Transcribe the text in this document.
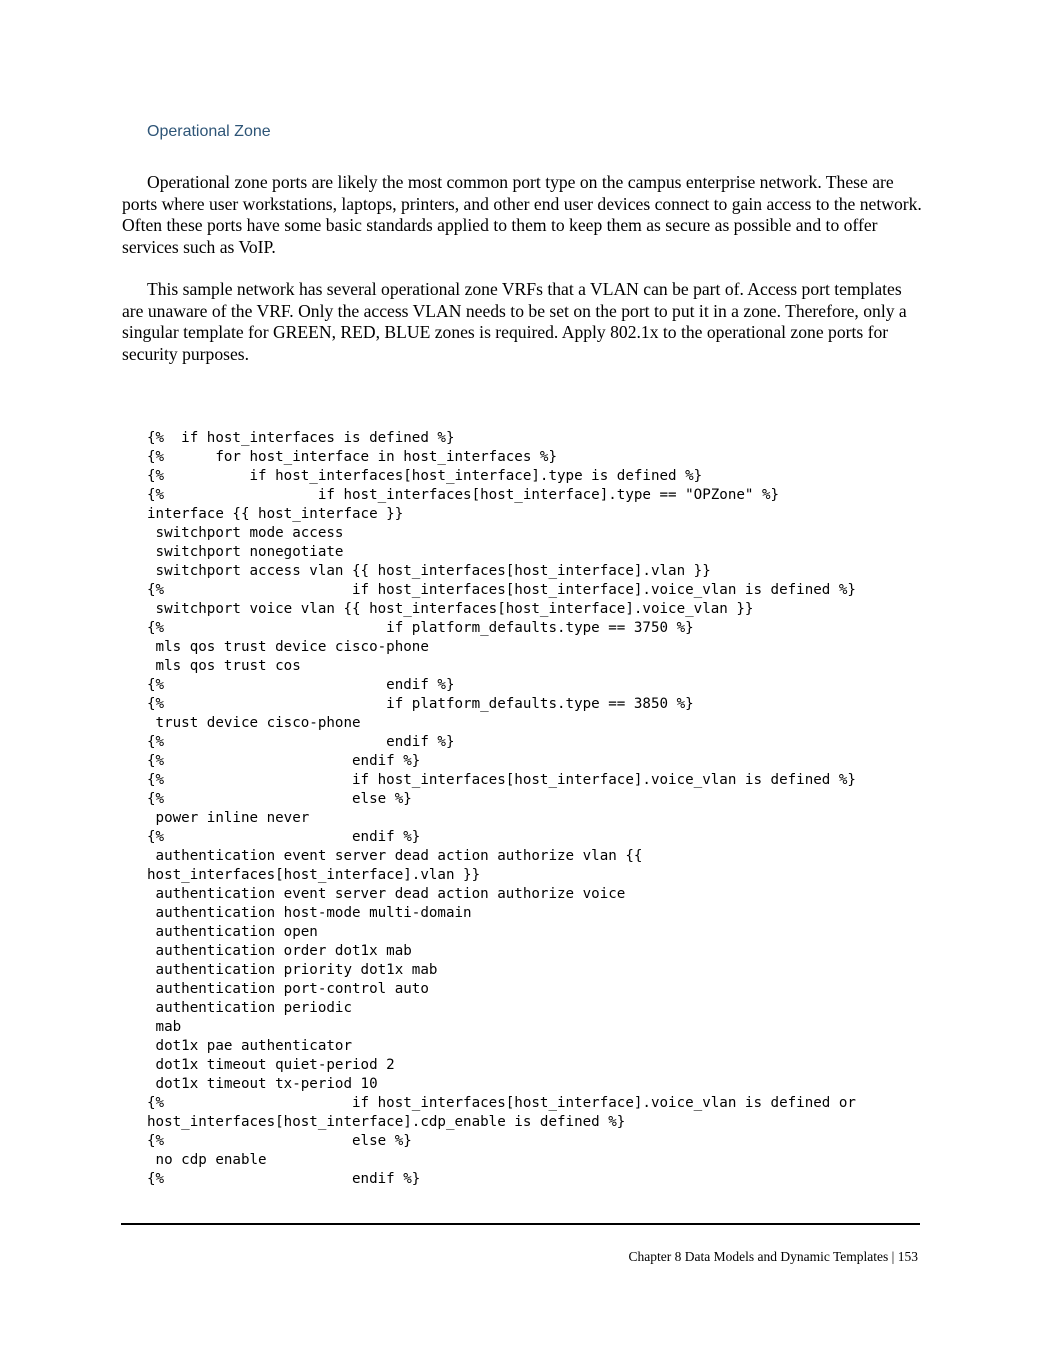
Operational Zone

Operational zone ports are likely the most common port type on the campus enterprise network. These are ports where user workstations, laptops, printers, and other end user devices connect to gain access to the network. Often these ports have some basic standards applied to them to keep them as secure as possible and to offer services such as VoIP.

This sample network has several operational zone VRFs that a VLAN can be part of. Access port templates are unaware of the VRF. Only the access VLAN needs to be set on the port to put it in a zone. Therefore, only a singular template for GREEN, RED, BLUE zones is required. Apply 802.1x to the operational zone ports for security purposes.

{%  if host_interfaces is defined %}
{%      for host_interface in host_interfaces %}
{%          if host_interfaces[host_interface].type is defined %}
{%                  if host_interfaces[host_interface].type == "OPZone" %}
interface {{ host_interface }}
switchport mode access
switchport nonegotiate
switchport access vlan {{ host_interfaces[host_interface].vlan }}
{%                      if host_interfaces[host_interface].voice_vlan is defined %}
switchport voice vlan {{ host_interfaces[host_interface].voice_vlan }}
{%                          if platform_defaults.type == 3750 %}
mls qos trust device cisco-phone
mls qos trust cos
{%                          endif %}
{%                          if platform_defaults.type == 3850 %}
trust device cisco-phone
{%                          endif %}
{%                      endif %}
{%                      if host_interfaces[host_interface].voice_vlan is defined %}
{%                      else %}
power inline never
{%                      endif %}
authentication event server dead action authorize vlan {{
host_interfaces[host_interface].vlan }}
authentication event server dead action authorize voice
authentication host-mode multi-domain
authentication open
authentication order dot1x mab
authentication priority dot1x mab
authentication port-control auto
authentication periodic
mab
dot1x pae authenticator
dot1x timeout quiet-period 2
dot1x timeout tx-period 10
{%                      if host_interfaces[host_interface].voice_vlan is defined or
host_interfaces[host_interface].cdp_enable is defined %}
{%                      else %}
no cdp enable
{%                      endif %}
Chapter 8 Data Models and Dynamic Templates | 153
